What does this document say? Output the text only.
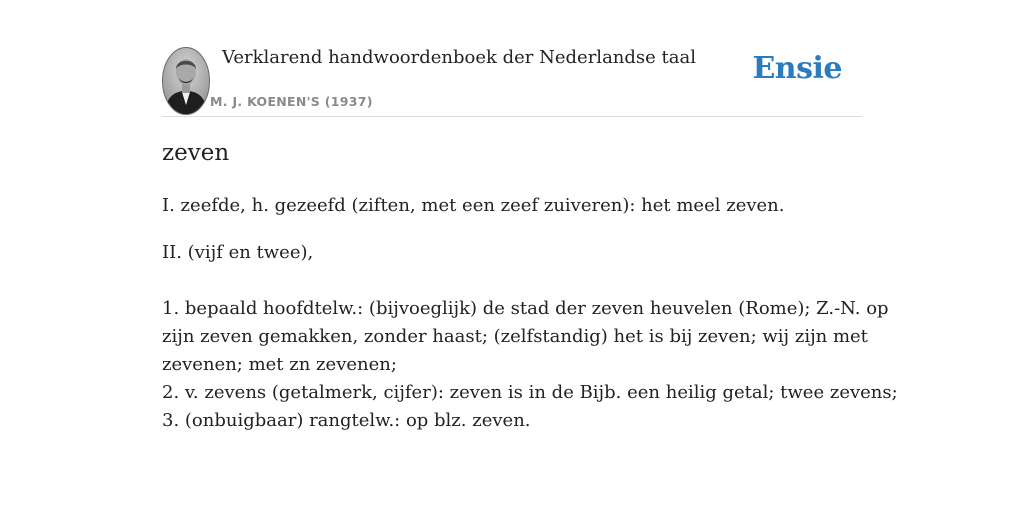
Verklarend handwoordenboek der Nederlandse taal
M. J. KOENEN'S (1937)
Ensie
zeven
I. zeefde, h. gezeefd (ziften, met een zeef zuiveren): het meel zeven.
II. (vijf en twee),
1. bepaald hoofdtelw.: (bijvoeglijk) de stad der zeven heuvelen (Rome); Z.-N. op
zijn zeven gemakken, zonder haast; (zelfstandig) het is bij zeven; wij zijn met
zevenen; met zn zevenen;
2. v. zevens (getalmerk, cijfer): zeven is in de Bijb. een heilig getal; twee zevens;
3. (onbuigbaar) rangtelw.: op blz. zeven.
